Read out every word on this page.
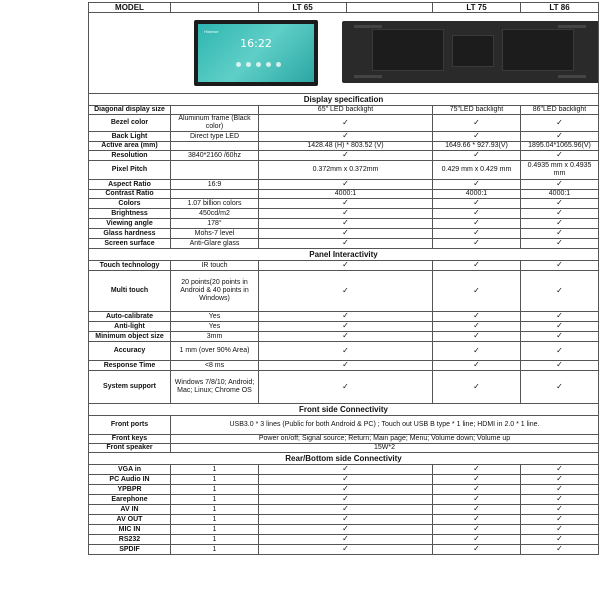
MODEL		LT 65		LT 75	LT 86

Hisense
16:22					

Display specification					
Diagonal display size		65" LED backlight		75"LED backlight	86"LED backlight
Bezel color	Aluminum frame (Black color)	✓		✓	✓
Back Light	Direct type LED	✓		✓	✓
Active area (mm)		1428.48 (H) * 803.52 (V)		1649.66 * 927.93(V)	1895.04*1065.96(V)
Resolution	3840*2160 /60hz	✓		✓	✓
Pixel Pitch		0.372mm x 0.372mm		0.429 mm x 0.429 mm	0.4935 mm x 0.4935 mm
Aspect Ratio	16:9	✓		✓	✓
Contrast Ratio		4000:1		4000:1	4000:1
Colors	1.07 billion colors	✓		✓	✓
Brightness	450cd/m2	✓		✓	✓
Viewing angle	178°	✓		✓	✓
Glass hardness	Mohs-7 level	✓		✓	✓
Screen surface	Anti-Glare glass	✓		✓	✓
Panel Interactivity					
Touch technology	IR touch	✓		✓	✓
Multi touch	20 points(20 points in Android & 40 points in Windows)	✓		✓	✓
Auto-calibrate	Yes	✓		✓	✓
Anti-light	Yes	✓		✓	✓
Minimum object size	3mm	✓		✓	✓
Accuracy	1 mm (over 90% Area)	✓		✓	✓
Response Time	<8 ms	✓		✓	✓
System support	Windows 7/8/10; Android; Mac; Linux; Chrome OS	✓		✓	✓
Front side Connectivity					
Front ports	USB3.0 * 3 lines (Public for both Android & PC) ; Touch out USB B type * 1 line; HDMI in 2.0 * 1 line.				
Front keys	Power on/off; Signal source; Return; Main page; Menu; Volume down; Volume up				
Front speaker	15W*2				
Rear/Bottom side Connectivity					
VGA in	1	✓		✓	✓
PC Audio IN	1	✓		✓	✓
YPBPR	1	✓		✓	✓
Earephone	1	✓		✓	✓
AV IN	1	✓		✓	✓
AV OUT	1	✓		✓	✓
MIC IN	1	✓		✓	✓
RS232	1	✓		✓	✓
SPDIF	1	✓		✓	✓
